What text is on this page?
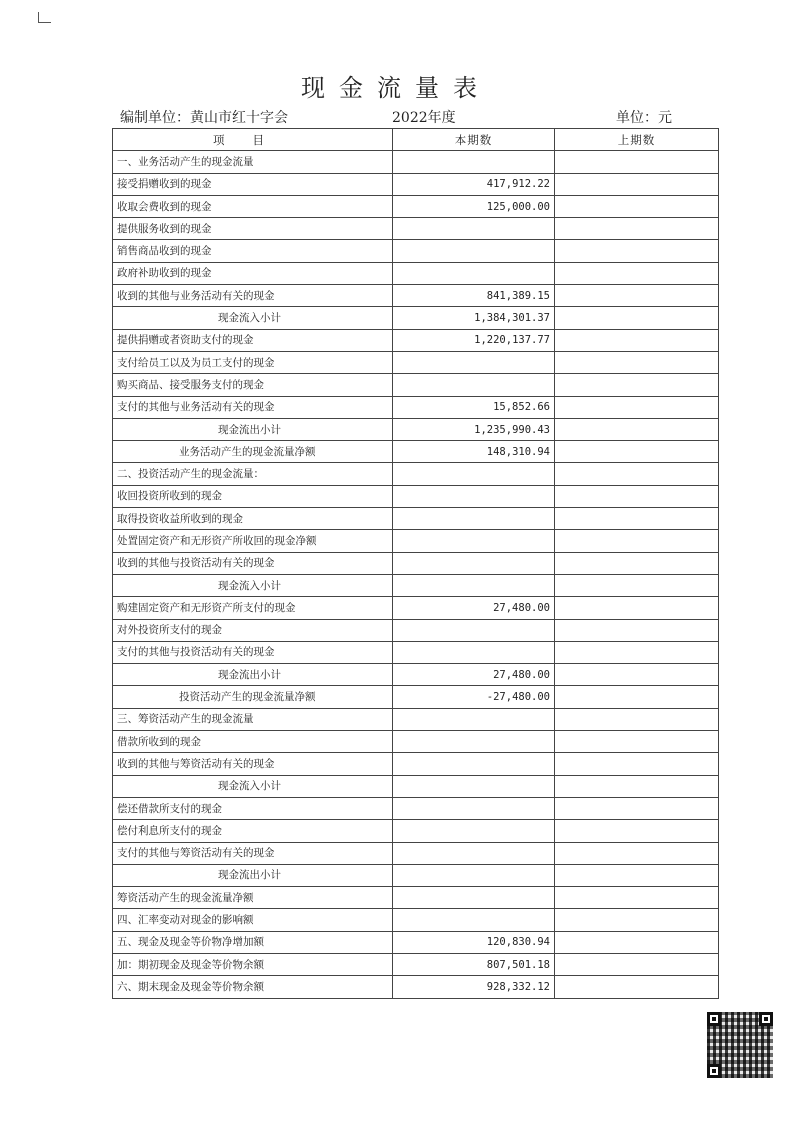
现金流量表
编制单位：黄山市红十字会	2022年度	单位：元
项目	本期数	上期数
一、业务活动产生的现金流量		
接受捐赠收到的现金	417,912.22	
收取会费收到的现金	125,000.00	
提供服务收到的现金		
销售商品收到的现金		
政府补助收到的现金		
收到的其他与业务活动有关的现金	841,389.15	
现金流入小计	1,384,301.37	
提供捐赠或者资助支付的现金	1,220,137.77	
支付给员工以及为员工支付的现金		
购买商品、接受服务支付的现金		
支付的其他与业务活动有关的现金	15,852.66	
现金流出小计	1,235,990.43	
业务活动产生的现金流量净额	148,310.94	
二、投资活动产生的现金流量：		
收回投资所收到的现金		
取得投资收益所收到的现金		
处置固定资产和无形资产所收回的现金净额		
收到的其他与投资活动有关的现金		
现金流入小计		
购建固定资产和无形资产所支付的现金	27,480.00	
对外投资所支付的现金		
支付的其他与投资活动有关的现金		
现金流出小计	27,480.00	
投资活动产生的现金流量净额	-27,480.00	
三、筹资活动产生的现金流量		
借款所收到的现金		
收到的其他与筹资活动有关的现金		
现金流入小计		
偿还借款所支付的现金		
偿付利息所支付的现金		
支付的其他与筹资活动有关的现金		
现金流出小计		
筹资活动产生的现金流量净额		
四、汇率变动对现金的影响额		
五、现金及现金等价物净增加额	120,830.94	
加：期初现金及现金等价物余额	807,501.18	
六、期末现金及现金等价物余额	928,332.12	
